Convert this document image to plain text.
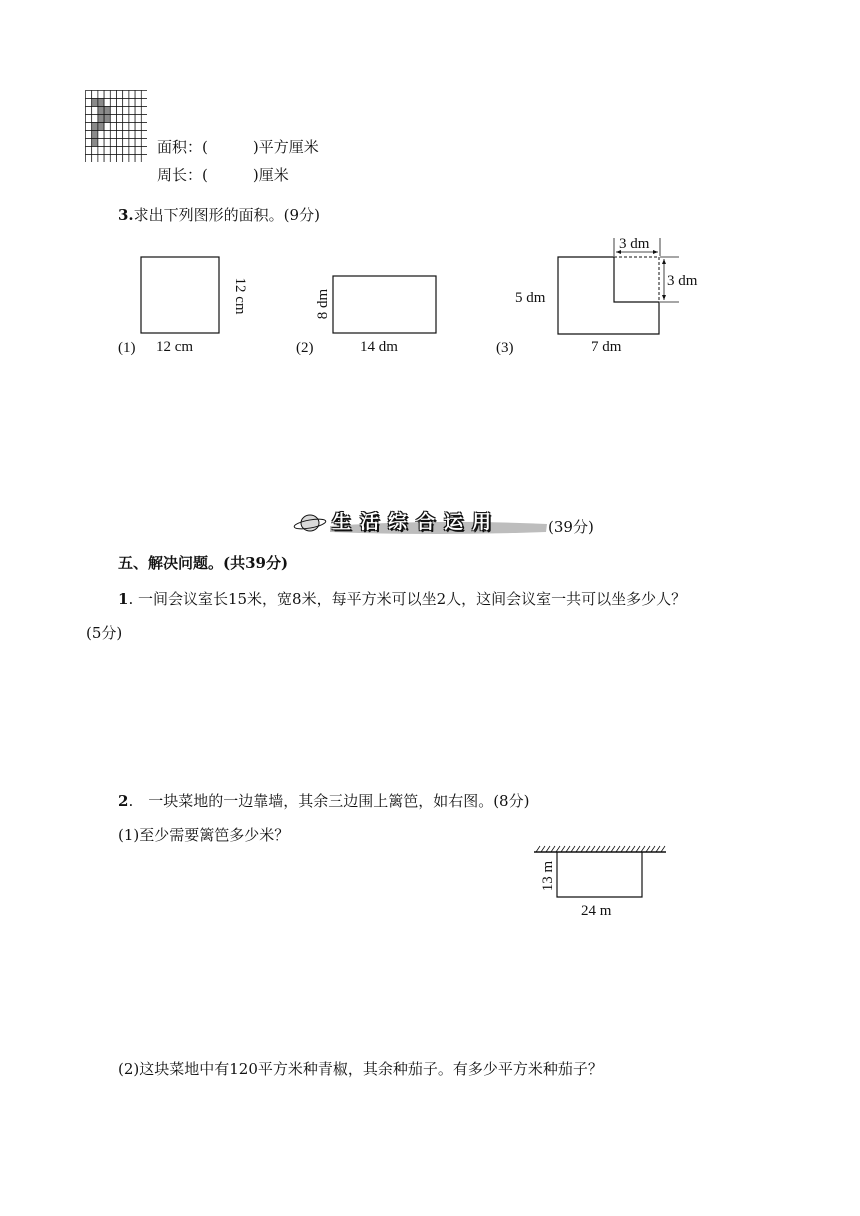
面积：(　　　)平方厘米
周长：(　　　)厘米
3.求出下列图形的面积。(9分)
(1) 12 cm
12 cm
(2)	14 dm
8 dm
3 dm
3 dm
5 dm
(3)	7 dm
生活综合运用	(39分)
五、解决问题。(共39分)
1. 一间会议室长15米，宽8米，每平方米可以坐2人，这间会议室一共可以坐多少人？
(5分)
2.　一块菜地的一边靠墙，其余三边围上篱笆，如右图。(8分)
(1)至少需要篱笆多少米？
13 m
24 m
(2)这块菜地中有120平方米种青椒，其余种茄子。有多少平方米种茄子？
